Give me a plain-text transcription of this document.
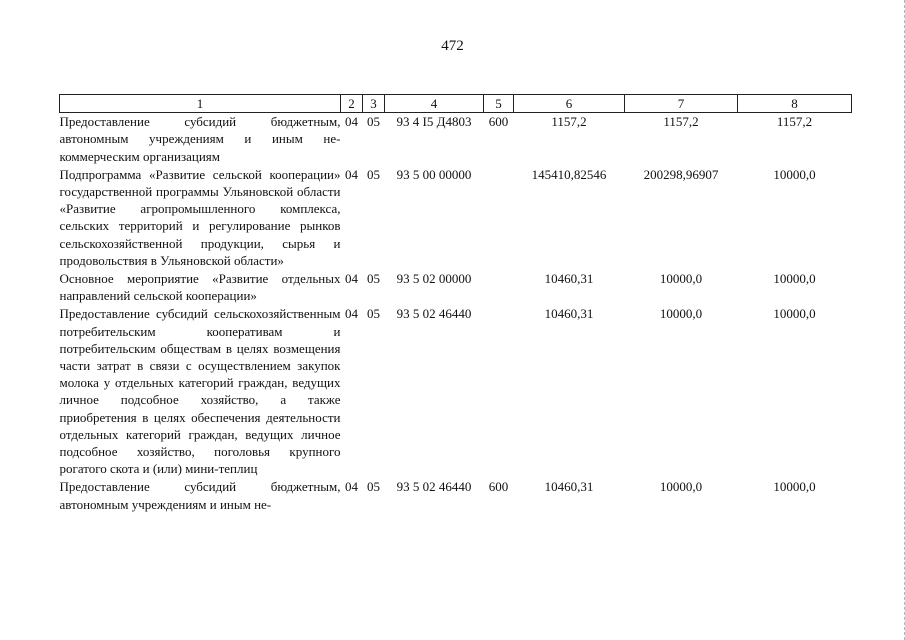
472
1	2	3	4	5	6	7	8
Предоставление субсидий бюджетным, автономным учреждениям и иным некоммерческим организациям	04	05	93 4 I5 Д4803	600	1157,2	1157,2	1157,2
Подпрограмма «Развитие сельской кооперации» государственной программы Ульяновской области «Развитие агропромышленного комплекса, сельских территорий и регулирование рынков сельскохозяйственной продукции, сырья и продовольствия в Ульяновской области»	04	05	93 5 00 00000		145410,82546	200298,96907	10000,0
Основное мероприятие «Развитие отдельных направлений сельской кооперации»	04	05	93 5 02 00000		10460,31	10000,0	10000,0
Предоставление субсидий сельскохозяйственным потребительским кооперативам и потребительским обществам в целях возмещения части затрат в связи с осуществлением закупок молока у отдельных категорий граждан, ведущих личное подсобное хозяйство, а также приобретения в целях обеспечения деятельности отдельных категорий граждан, ведущих личное подсобное хозяйство, поголовья крупного рогатого скота и (или) мини-теплиц	04	05	93 5 02 46440		10460,31	10000,0	10000,0
Предоставление субсидий бюджетным, автономным учреждениям и иным не-	04	05	93 5 02 46440	600	10460,31	10000,0	10000,0
